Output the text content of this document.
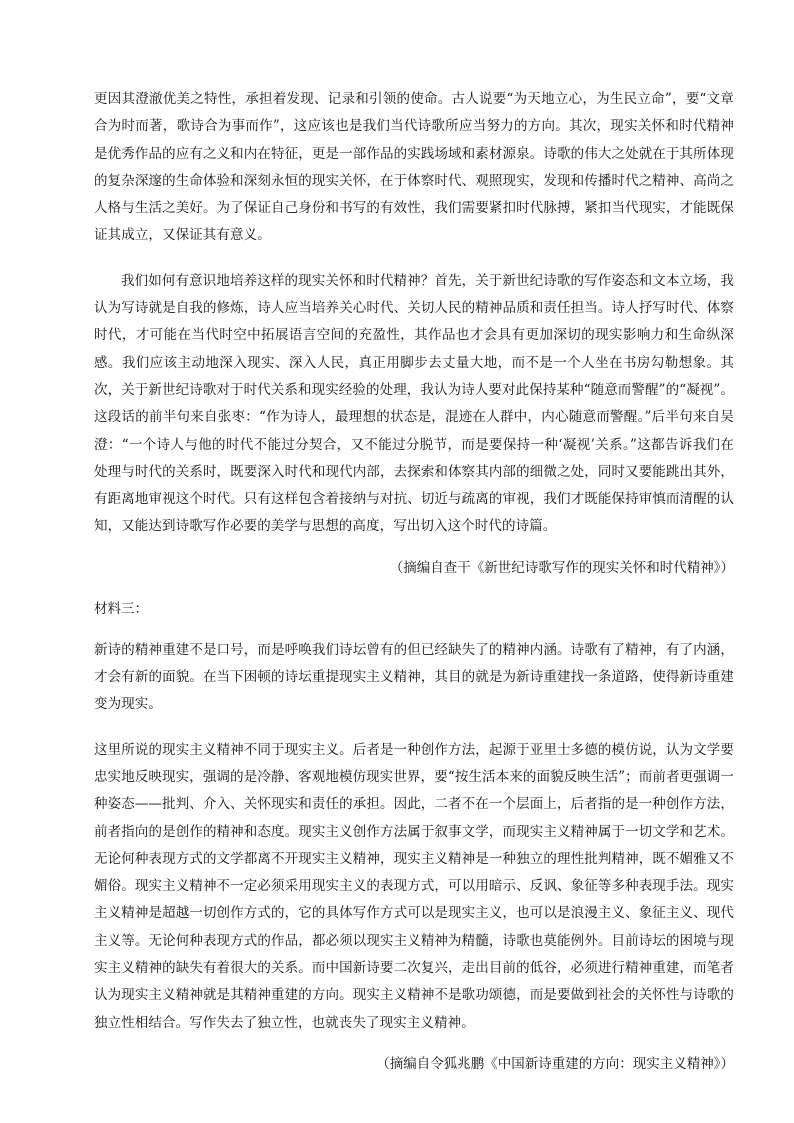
更因其澄澈优美之特性，承担着发现、记录和引领的使命。古人说要“为天地立心，为生民立命”，要“文章合为时而著，歌诗合为事而作”，这应该也是我们当代诗歌所应当努力的方向。其次，现实关怀和时代精神是优秀作品的应有之义和内在特征，更是一部作品的实践场域和素材源泉。诗歌的伟大之处就在于其所体现的复杂深邃的生命体验和深刻永恒的现实关怀，在于体察时代、观照现实，发现和传播时代之精神、高尚之人格与生活之美好。为了保证自己身份和书写的有效性，我们需要紧扣时代脉搏，紧扣当代现实，才能既保证其成立，又保证其有意义。

我们如何有意识地培养这样的现实关怀和时代精神？首先，关于新世纪诗歌的写作姿态和文本立场，我认为写诗就是自我的修炼，诗人应当培养关心时代、关切人民的精神品质和责任担当。诗人抒写时代、体察时代，才可能在当代时空中拓展语言空间的充盈性，其作品也才会具有更加深切的现实影响力和生命纵深感。我们应该主动地深入现实、深入人民，真正用脚步去丈量大地，而不是一个人坐在书房勾勒想象。其次，关于新世纪诗歌对于时代关系和现实经验的处理，我认为诗人要对此保持某种“随意而警醒”的“凝视”。这段话的前半句来自张枣：“作为诗人，最理想的状态是，混迹在人群中，内心随意而警醒。”后半句来自吴澄：“一个诗人与他的时代不能过分契合，又不能过分脱节，而是要保持一种‘凝视’关系。”这都告诉我们在处理与时代的关系时，既要深入时代和现代内部，去探索和体察其内部的细微之处，同时又要能跳出其外，有距离地审视这个时代。只有这样包含着接纳与对抗、切近与疏离的审视，我们才既能保持审慎而清醒的认知，又能达到诗歌写作必要的美学与思想的高度，写出切入这个时代的诗篇。

（摘编自查干《新世纪诗歌写作的现实关怀和时代精神》）

材料三：

新诗的精神重建不是口号，而是呼唤我们诗坛曾有的但已经缺失了的精神内涵。诗歌有了精神，有了内涵，才会有新的面貌。在当下困顿的诗坛重提现实主义精神，其目的就是为新诗重建找一条道路，使得新诗重建变为现实。

这里所说的现实主义精神不同于现实主义。后者是一种创作方法，起源于亚里士多德的模仿说，认为文学要忠实地反映现实，强调的是冷静、客观地模仿现实世界，要“按生活本来的面貌反映生活”；而前者更强调一种姿态——批判、介入、关怀现实和责任的承担。因此，二者不在一个层面上，后者指的是一种创作方法，前者指向的是创作的精神和态度。现实主义创作方法属于叙事文学，而现实主义精神属于一切文学和艺术。无论何种表现方式的文学都离不开现实主义精神，现实主义精神是一种独立的理性批判精神，既不媚雅又不媚俗。现实主义精神不一定必须采用现实主义的表现方式，可以用暗示、反讽、象征等多种表现手法。现实主义精神是超越一切创作方式的，它的具体写作方式可以是现实主义，也可以是浪漫主义、象征主义、现代主义等。无论何种表现方式的作品，都必须以现实主义精神为精髓，诗歌也莫能例外。目前诗坛的困境与现实主义精神的缺失有着很大的关系。而中国新诗要二次复兴，走出目前的低谷，必须进行精神重建，而笔者认为现实主义精神就是其精神重建的方向。现实主义精神不是歌功颂德，而是要做到社会的关怀性与诗歌的独立性相结合。写作失去了独立性，也就丧失了现实主义精神。

（摘编自令狐兆鹏《中国新诗重建的方向：现实主义精神》）
